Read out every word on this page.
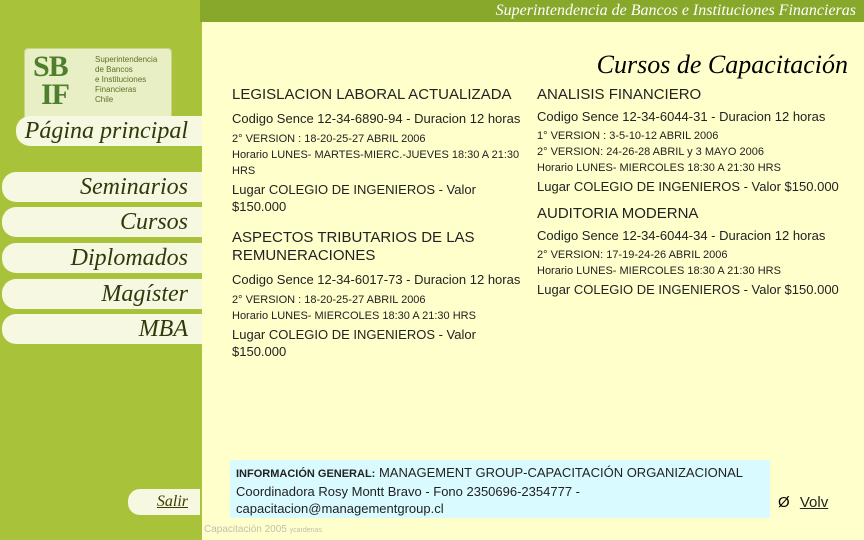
Superintendencia de Bancos e Instituciones Financieras
SB
IF
Superintendencia
de Bancos
e Instituciones
Financieras
Chile
Página principal
Seminarios
Cursos
Diplomados
Magíster
MBA
Salir
Cursos de Capacitación
LEGISLACION LABORAL ACTUALIZADA
Codigo Sence 12-34-6890-94 - Duracion 12 horas
2° VERSION : 18-20-25-27 ABRIL 2006
Horario LUNES- MARTES-MIERC.-JUEVES 18:30 A 21:30 HRS
Lugar COLEGIO DE INGENIEROS - Valor $150.000
ASPECTOS TRIBUTARIOS DE LAS REMUNERACIONES
Codigo Sence 12-34-6017-73 - Duracion 12 horas
2° VERSION : 18-20-25-27 ABRIL 2006
Horario LUNES- MIERCOLES 18:30 A 21:30 HRS
Lugar COLEGIO DE INGENIEROS - Valor $150.000
ANALISIS FINANCIERO
Codigo Sence 12-34-6044-31 - Duracion 12 horas
1° VERSION : 3-5-10-12 ABRIL 2006
2° VERSION: 24-26-28 ABRIL y 3 MAYO 2006
Horario LUNES- MIERCOLES 18:30 A 21:30 HRS
Lugar COLEGIO DE INGENIEROS - Valor $150.000
AUDITORIA MODERNA
Codigo Sence 12-34-6044-34 - Duracion 12 horas
2° VERSION: 17-19-24-26 ABRIL 2006
Horario LUNES- MIERCOLES 18:30 A 21:30 HRS
Lugar COLEGIO DE INGENIEROS - Valor $150.000
INFORMACIÓN GENERAL: MANAGEMENT GROUP-CAPACITACIÓN ORGANIZACIONAL Coordinadora Rosy Montt Bravo - Fono 2350696-2354777 - capacitacion@managementgroup.cl	Ø Volv
Capacitación 2005 ycardenas
